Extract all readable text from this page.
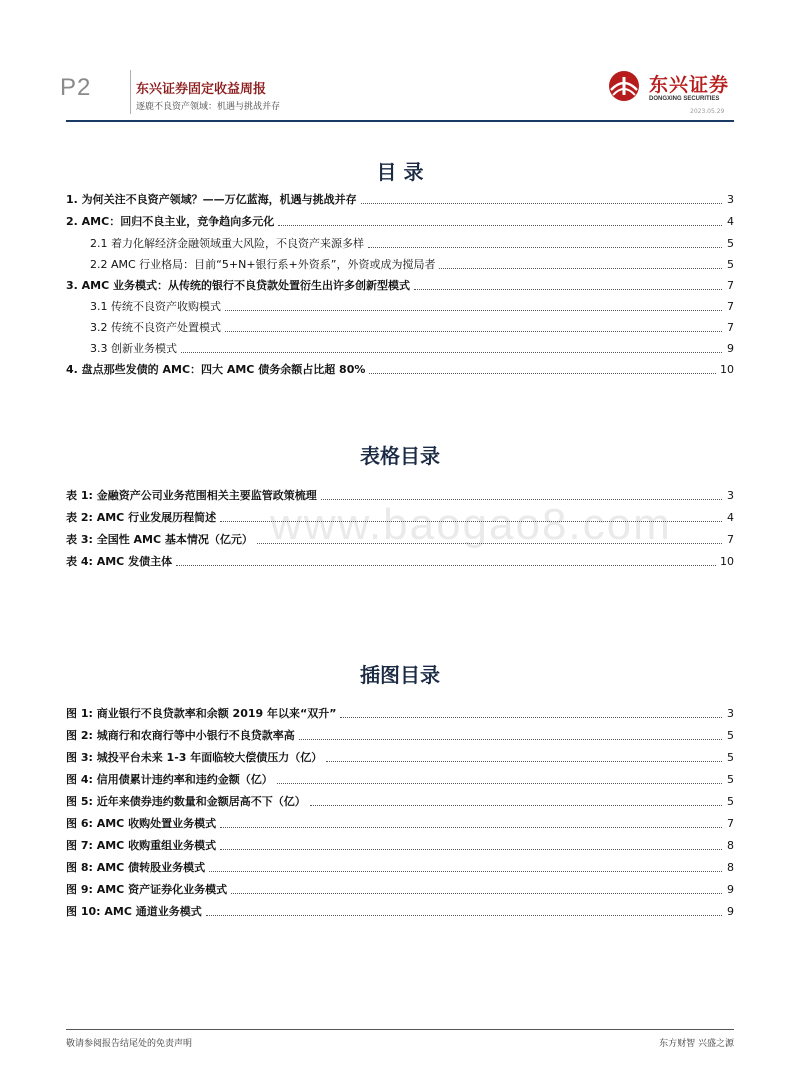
P2	东兴证券固定收益周报
逐鹿不良资产领域：机遇与挑战并存
东兴证券
DONGXING SECURITIES
2023.05.29
www.baogao8.com
目 录
1. 为何关注不良资产领域？——万亿蓝海，机遇与挑战并存	3
2. AMC：回归不良主业，竞争趋向多元化	4
2.1 着力化解经济金融领域重大风险，不良资产来源多样	5
2.2 AMC 行业格局：目前“5+N+银行系+外资系”，外资或成为搅局者	5
3. AMC 业务模式：从传统的银行不良贷款处置衍生出许多创新型模式	7
3.1 传统不良资产收购模式	7
3.2 传统不良资产处置模式	7
3.3 创新业务模式	9
4. 盘点那些发债的 AMC：四大 AMC 债务余额占比超 80%	10
表格目录
表 1: 金融资产公司业务范围相关主要监管政策梳理	3
表 2: AMC 行业发展历程简述	4
表 3: 全国性 AMC 基本情况（亿元）	7
表 4: AMC 发债主体	10
插图目录
图 1: 商业银行不良贷款率和余额 2019 年以来“双升”	3
图 2: 城商行和农商行等中小银行不良贷款率高	5
图 3: 城投平台未来 1-3 年面临较大偿债压力（亿）	5
图 4: 信用债累计违约率和违约金额（亿）	5
图 5: 近年来债券违约数量和金额居高不下（亿）	5
图 6: AMC 收购处置业务模式	7
图 7: AMC 收购重组业务模式	8
图 8: AMC 债转股业务模式	8
图 9: AMC 资产证券化业务模式	9
图 10: AMC 通道业务模式	9
敬请参阅报告结尾处的免责声明	东方财智 兴盛之源
